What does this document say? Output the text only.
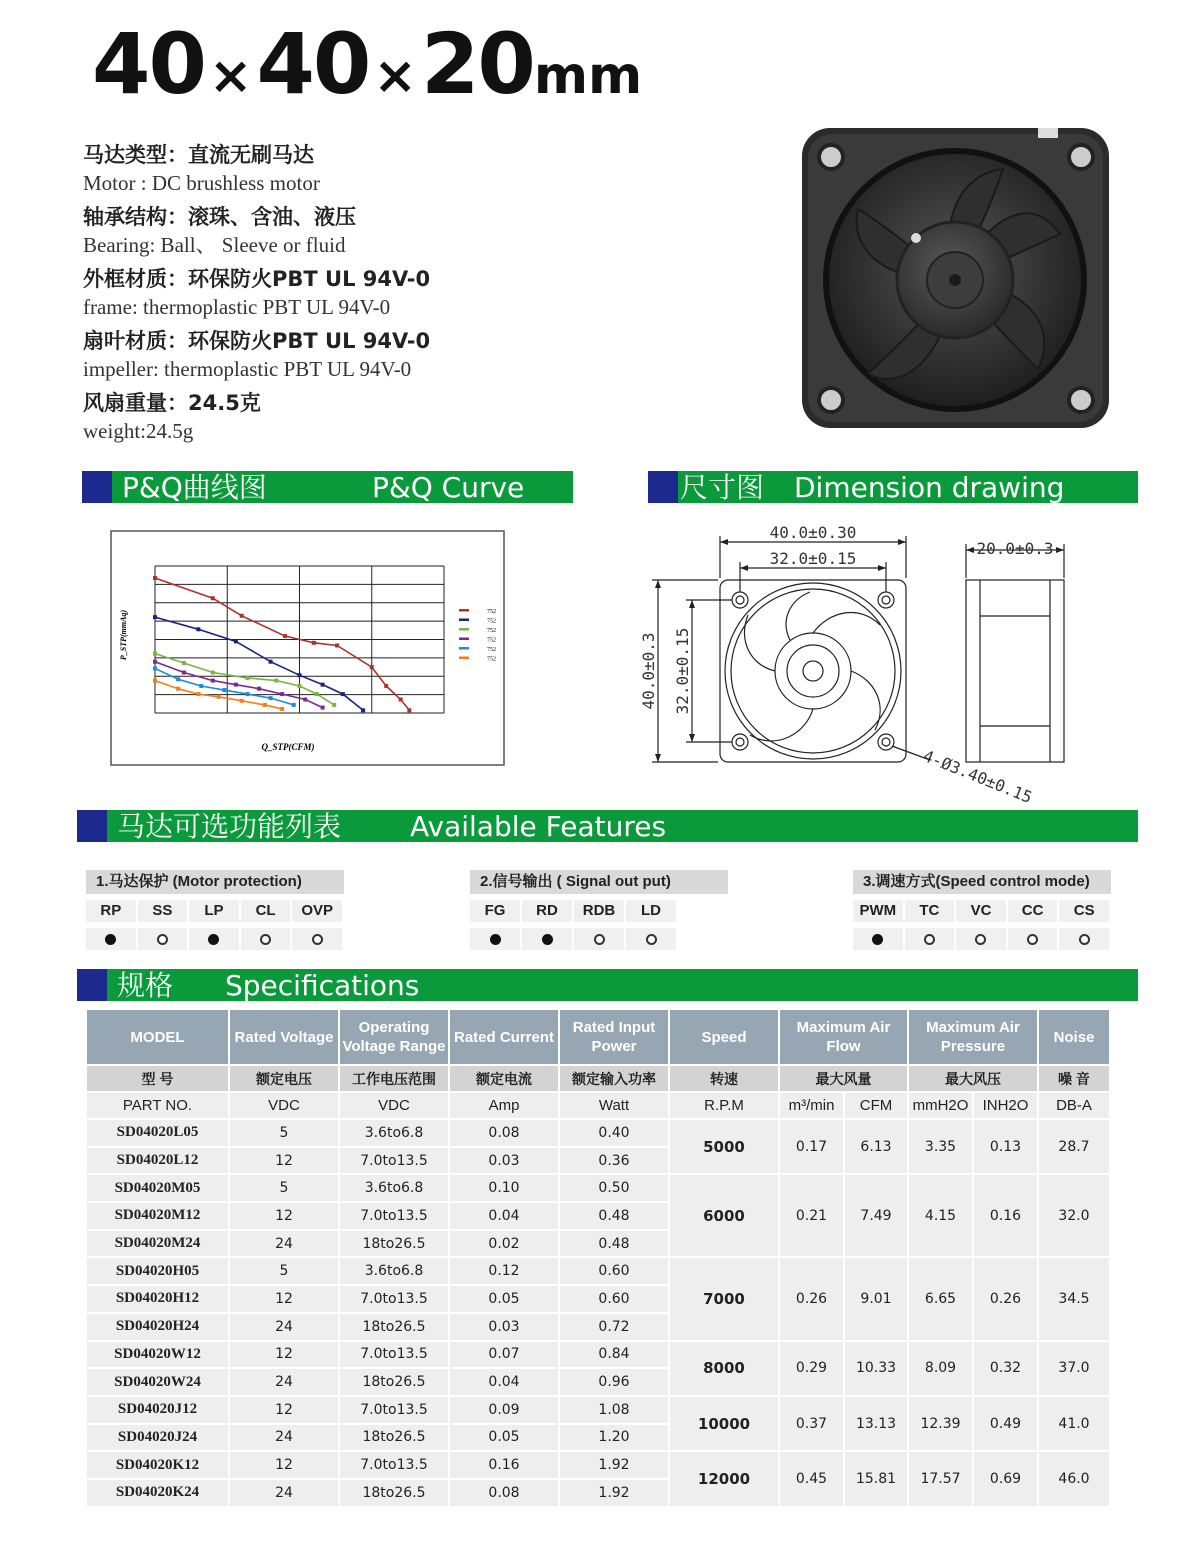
40×40×20mm
马达类型：直流无刷马达
Motor : DC brushless motor
轴承结构：滚珠、含油、液压
Bearing: Ball、 Sleeve or fluid
外框材质：环保防火PBT UL 94V-0
frame: thermoplastic PBT UL 94V-0
扇叶材质：环保防火PBT UL 94V-0
impeller: thermoplastic PBT UL 94V-0
风扇重量：24.5克
weight:24.5g
P&Q曲线图	P&Q Curve	尺寸图 Dimension drawing
752
752
752
752
752
752
P_STP(mmAq)
Q_STP(CFM)
40.0±0.30
32.0±0.15
20.0±0.3
40.0±0.3 32.0±0.15
4-Ø3.40±0.15
马达可选功能列表 Available Features
1.马达保护 (Motor protection)
RP	SS	LP	CL	OVP
2.信号输出 ( Signal out put)
FG	RD	RDB	LD
3.调速方式(Speed control mode)
PWM	TC	VC	CC	CS
规格 Specifications
MODEL	Rated Voltage	Operating Voltage Range	Rated Current	Rated Input Power	Speed	Maximum Air Flow		Maximum Air Pressure		Noise
型 号	额定电压	工作电压范围	额定电流	额定输入功率	转速	最大风量		最大风压		噪 音
PART NO.	VDC	VDC	Amp	Watt	R.P.M	m³/min	CFM	mmH2O	INH2O	DB-A
SD04020L05	5	3.6to6.8	0.08	0.40	5000	0.17	6.13	3.35	0.13	28.7
SD04020L12	12	7.0to13.5	0.03	0.36						
SD04020M05	5	3.6to6.8	0.10	0.50	6000	0.21	7.49	4.15	0.16	32.0
SD04020M12	12	7.0to13.5	0.04	0.48						
SD04020M24	24	18to26.5	0.02	0.48						
SD04020H05	5	3.6to6.8	0.12	0.60	7000	0.26	9.01	6.65	0.26	34.5
SD04020H12	12	7.0to13.5	0.05	0.60						
SD04020H24	24	18to26.5	0.03	0.72						
SD04020W12	12	7.0to13.5	0.07	0.84	8000	0.29	10.33	8.09	0.32	37.0
SD04020W24	24	18to26.5	0.04	0.96						
SD04020J12	12	7.0to13.5	0.09	1.08	10000	0.37	13.13	12.39	0.49	41.0
SD04020J24	24	18to26.5	0.05	1.20						
SD04020K12	12	7.0to13.5	0.16	1.92	12000	0.45	15.81	17.57	0.69	46.0
SD04020K24	24	18to26.5	0.08	1.92						
